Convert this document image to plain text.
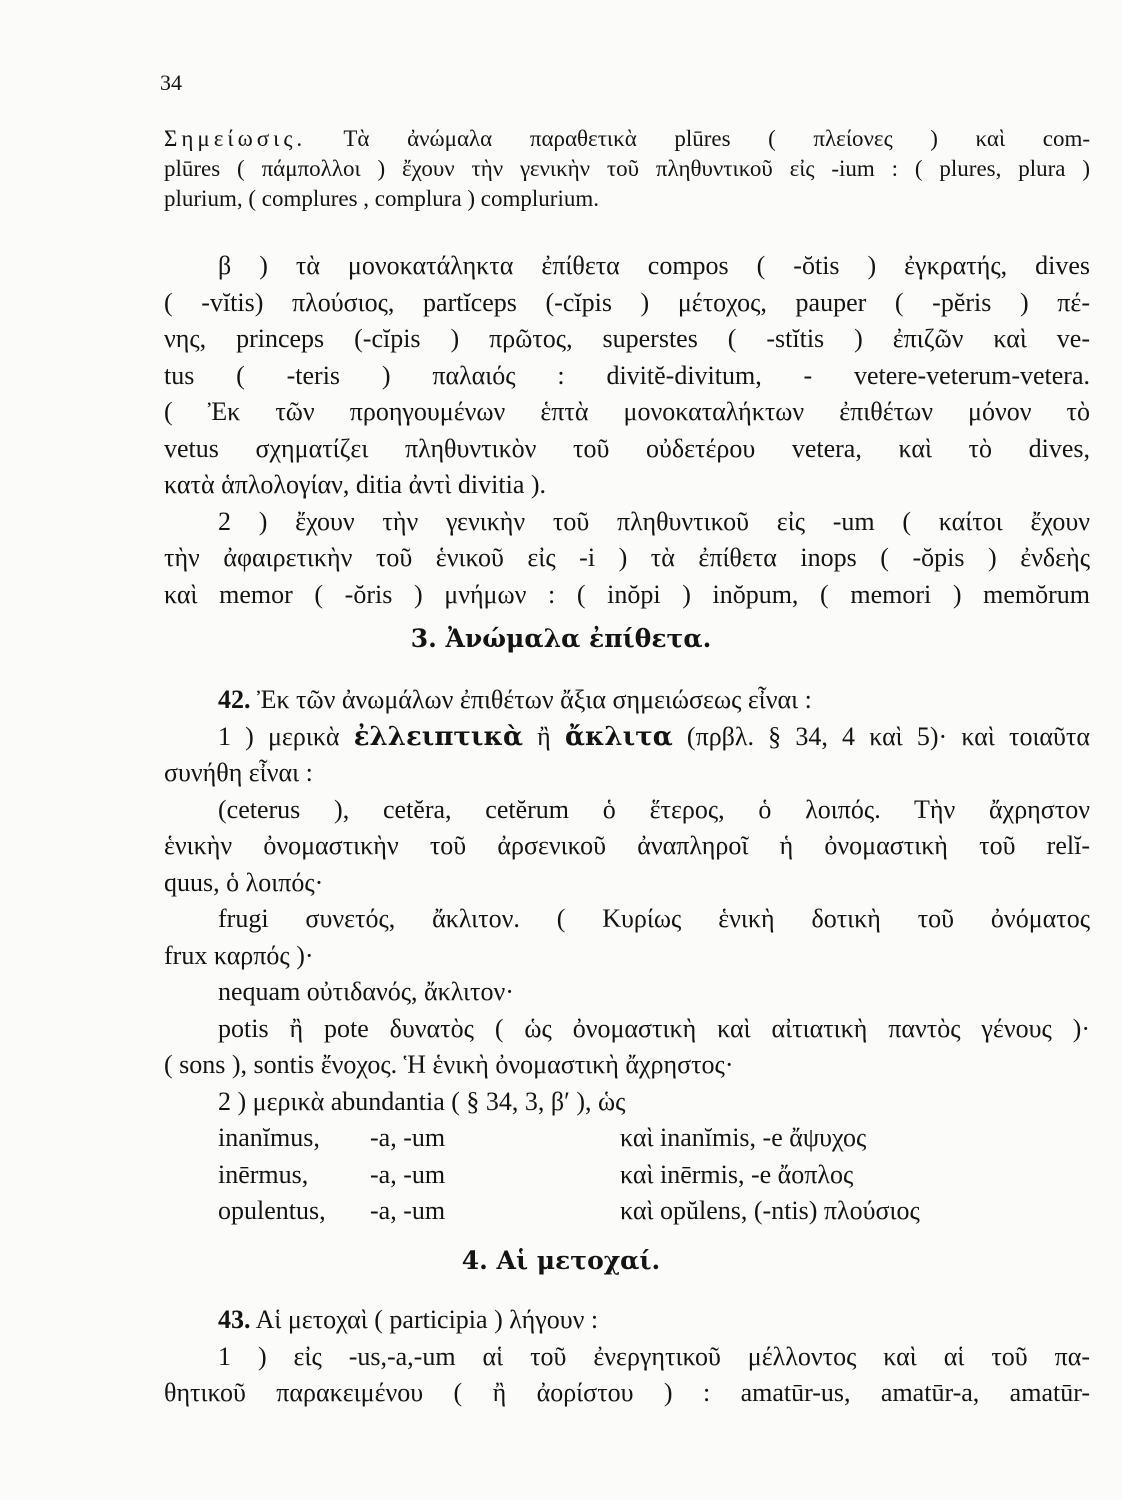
34
Σημείωσις. Τὰ ἀνώμαλα παραθετικὰ plūres ( πλείονες ) καὶ com-
plūres ( πάμπολλοι ) ἔχουν τὴν γενικὴν τοῦ πληθυντικοῦ εἰς -ium : ( plures, plura )
plurium, ( complures , complura ) complurium.
β ) τὰ μονοκατάληκτα ἐπίθετα compos ( -ŏtis ) ἐγκρατής, dives
( -vĭtis) πλούσιος, partĭceps (-cĭpis ) μέτοχος, pauper ( -pĕris ) πέ-
νης, princeps (-cĭpis ) πρῶτος, superstes ( -stĭtis ) ἐπιζῶν καὶ ve-
tus ( -teris ) παλαιός : divitĕ-divitum, - vetere-veterum-vetera.
( Ἐκ τῶν προηγουμένων ἑπτὰ μονοκαταλήκτων ἐπιθέτων μόνον τὸ
vetus σχηματίζει πληθυντικὸν τοῦ οὐδετέρου vetera, καὶ τὸ dives,
κατὰ ἁπλολογίαν, ditia ἀντὶ divitia ).
2 ) ἔχουν τὴν γενικὴν τοῦ πληθυντικοῦ εἰς -um ( καίτοι ἔχουν
τὴν ἀφαιρετικὴν τοῦ ἑνικοῦ εἰς -i ) τὰ ἐπίθετα inops ( -ŏpis ) ἐνδεὴς
καὶ memor ( -ŏris ) μνήμων : ( inŏpi ) inŏpum, ( memori ) memŏrum
3. Ἀνώμαλα ἐπίθετα.
42. Ἐκ τῶν ἀνωμάλων ἐπιθέτων ἄξια σημειώσεως εἶναι :
1 ) μερικὰ ἐλλειπτικὰ ἢ ἄκλιτα (πρβλ. § 34, 4 καὶ 5)· καὶ τοιαῦτα
συνήθη εἶναι :
(ceterus ), cetĕra, cetĕrum ὁ ἕτερος, ὁ λοιπός. Τὴν ἄχρηστον
ἑνικὴν ὀνομαστικὴν τοῦ ἀρσενικοῦ ἀναπληροῖ ἡ ὀνομαστικὴ τοῦ relĭ-
quus, ὁ λοιπός·
frugi συνετός, ἄκλιτον. ( Κυρίως ἑνικὴ δοτικὴ τοῦ ὀνόματος
frux καρπός )·
nequam οὐτιδανός, ἄκλιτον·
potis ἢ pote δυνατὸς ( ὡς ὀνομαστικὴ καὶ αἰτιατικὴ παντὸς γένους )·
( sons ), sontis ἔνοχος. Ἡ ἑνικὴ ὀνομαστικὴ ἄχρηστος·
2 ) μερικὰ abundantia ( § 34, 3, β′ ), ὡς
inanĭmus, -a, -um	καὶ inanĭmis, -e ἄψυχος
inērmus, -a, -um	καὶ inērmis, -e ἄοπλος
opulentus, -a, -um	καὶ opŭlens, (-ntis) πλούσιος
4. Αἱ μετοχαί.
43. Αἱ μετοχαὶ ( participia ) λήγουν :
1 ) εἰς -us,-a,-um αἱ τοῦ ἐνεργητικοῦ μέλλοντος καὶ αἱ τοῦ πα-
θητικοῦ παρακειμένου ( ἢ ἀορίστου ) : amatūr-us, amatūr-a, amatūr-
